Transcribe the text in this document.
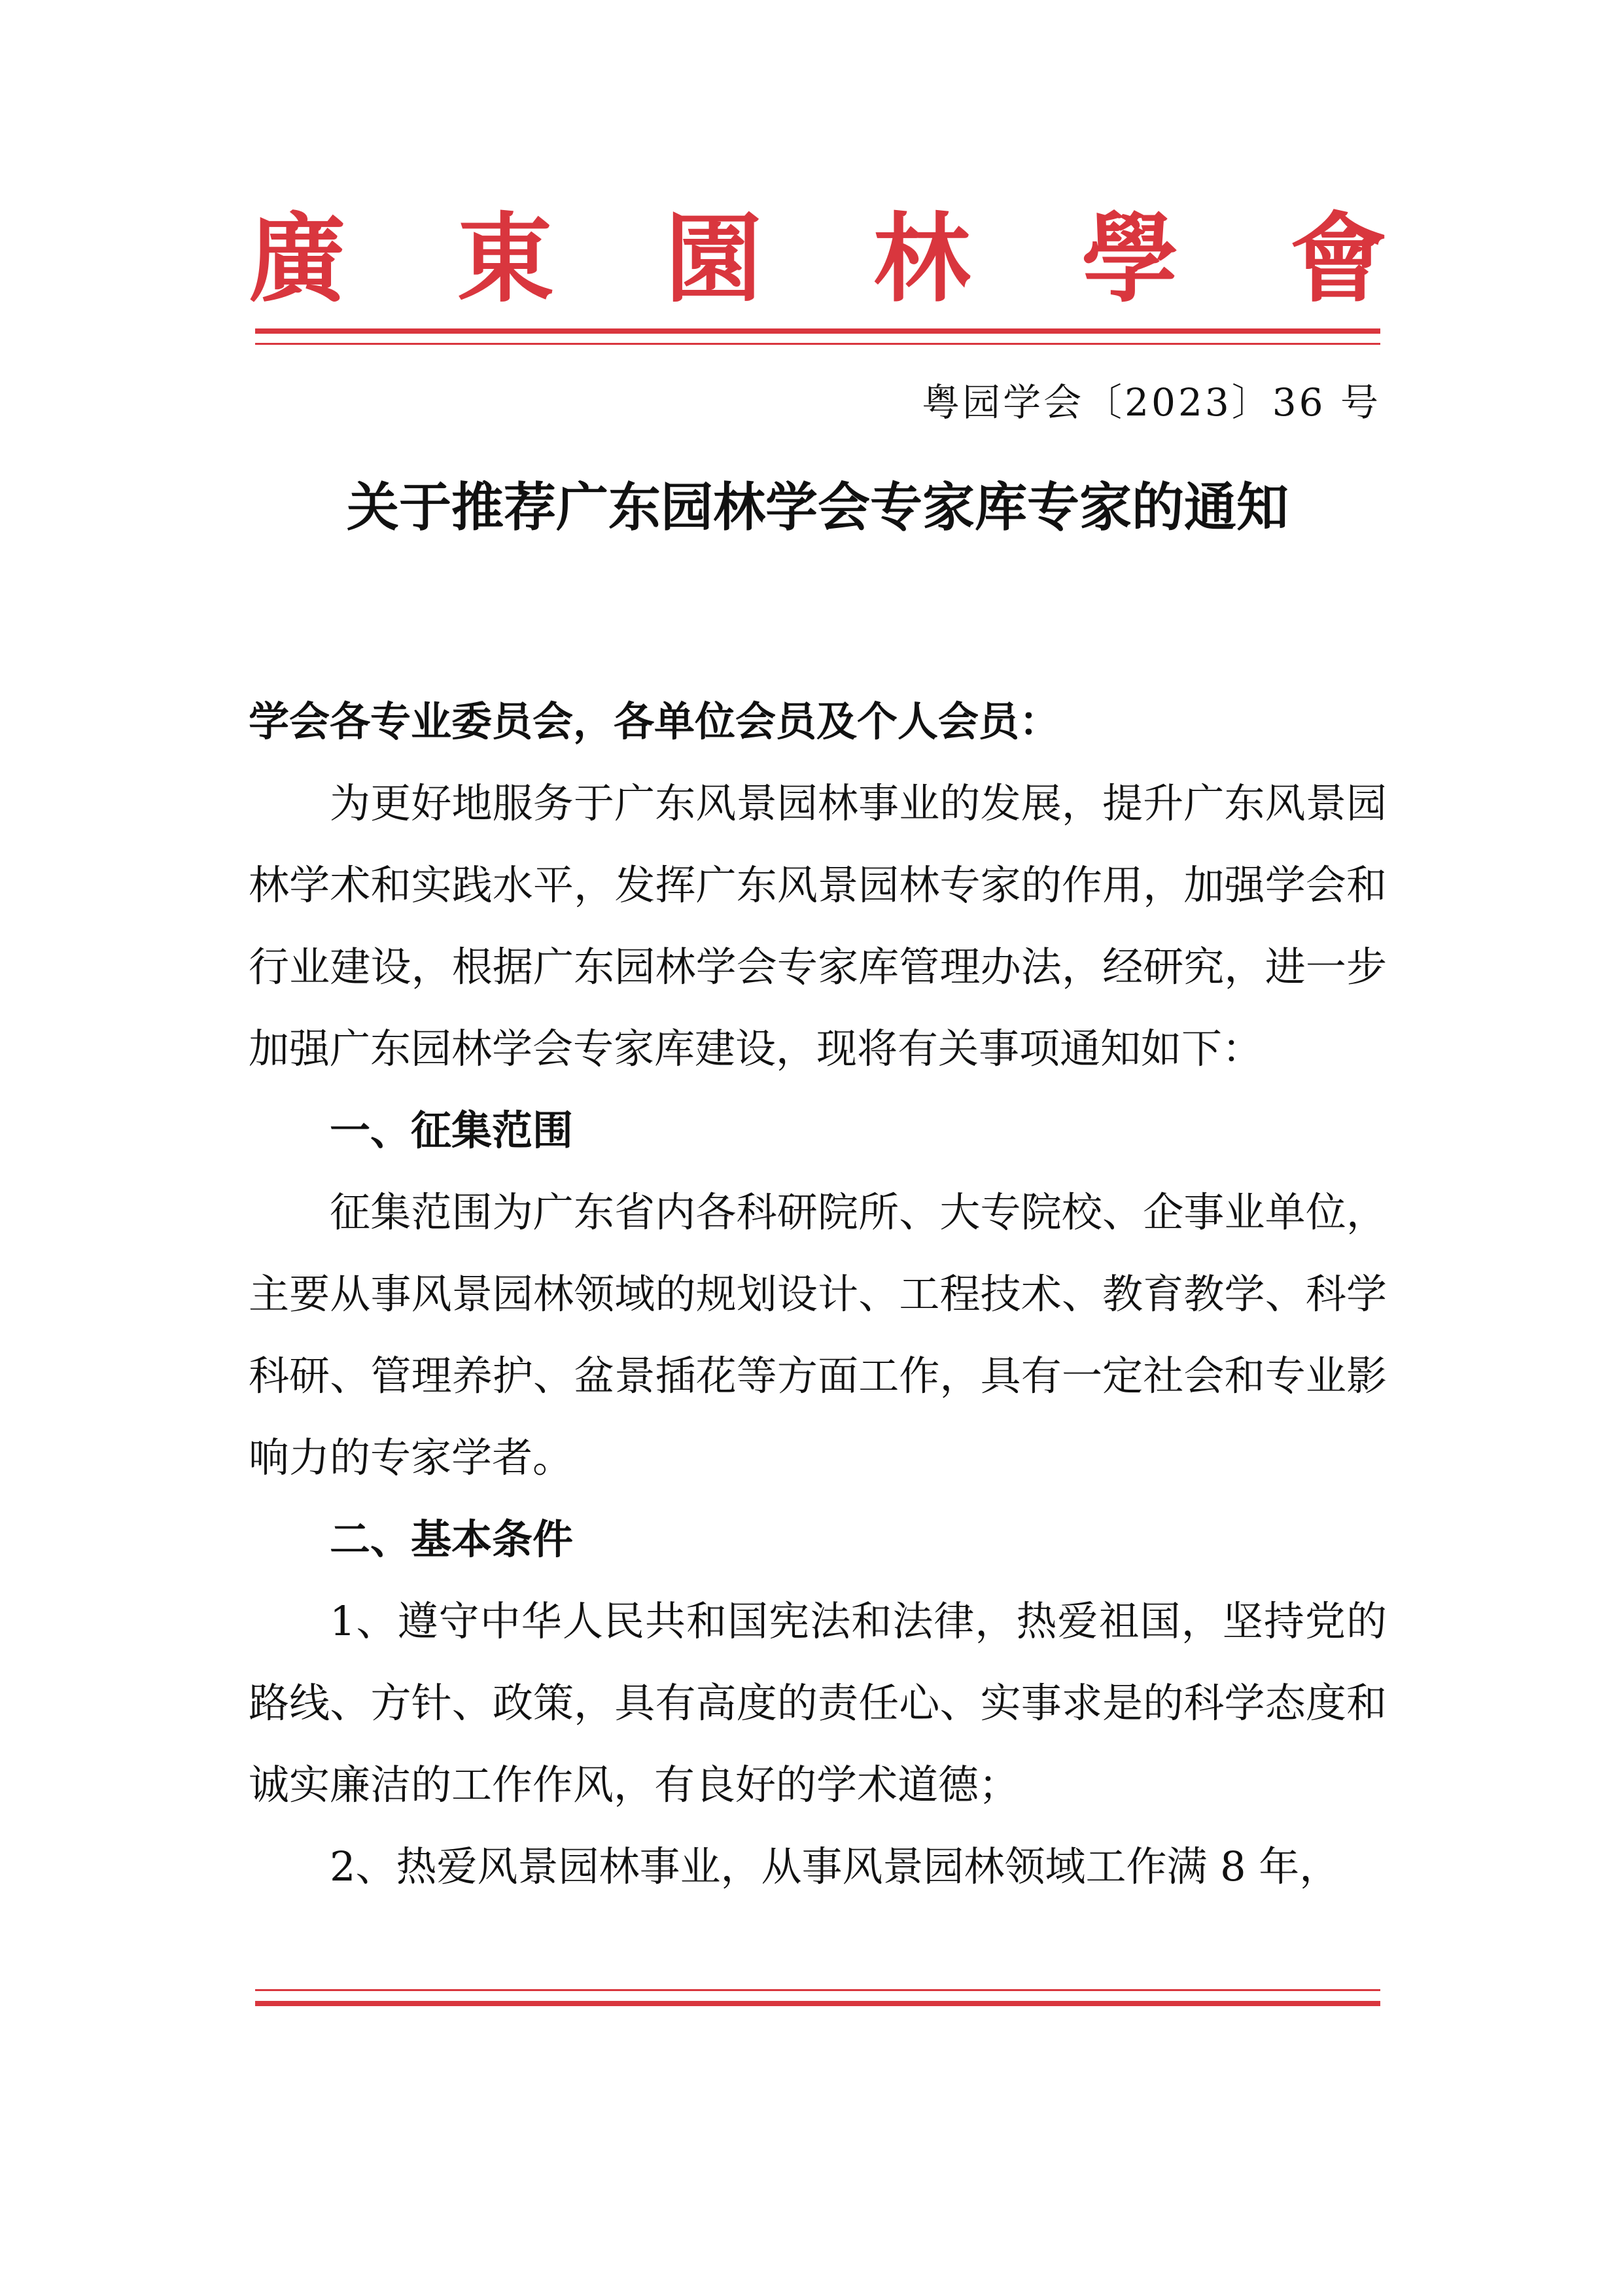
廣 東 園 林 學 會
粤园学会〔2023〕36 号
关于推荐广东园林学会专家库专家的通知
学会各专业委员会，各单位会员及个人会员：

为更好地服务于广东风景园林事业的发展，提升广东风景园林学术和实践水平，发挥广东风景园林专家的作用，加强学会和行业建设，根据广东园林学会专家库管理办法，经研究，进一步加强广东园林学会专家库建设，现将有关事项通知如下：

一、征集范围

征集范围为广东省内各科研院所、大专院校、企事业单位，主要从事风景园林领域的规划设计、工程技术、教育教学、科学科研、管理养护、盆景插花等方面工作，具有一定社会和专业影响力的专家学者。

二、基本条件

1、遵守中华人民共和国宪法和法律，热爱祖国，坚持党的路线、方针、政策，具有高度的责任心、实事求是的科学态度和诚实廉洁的工作作风，有良好的学术道德；

2、热爱风景园林事业，从事风景园林领域工作满 8 年，
